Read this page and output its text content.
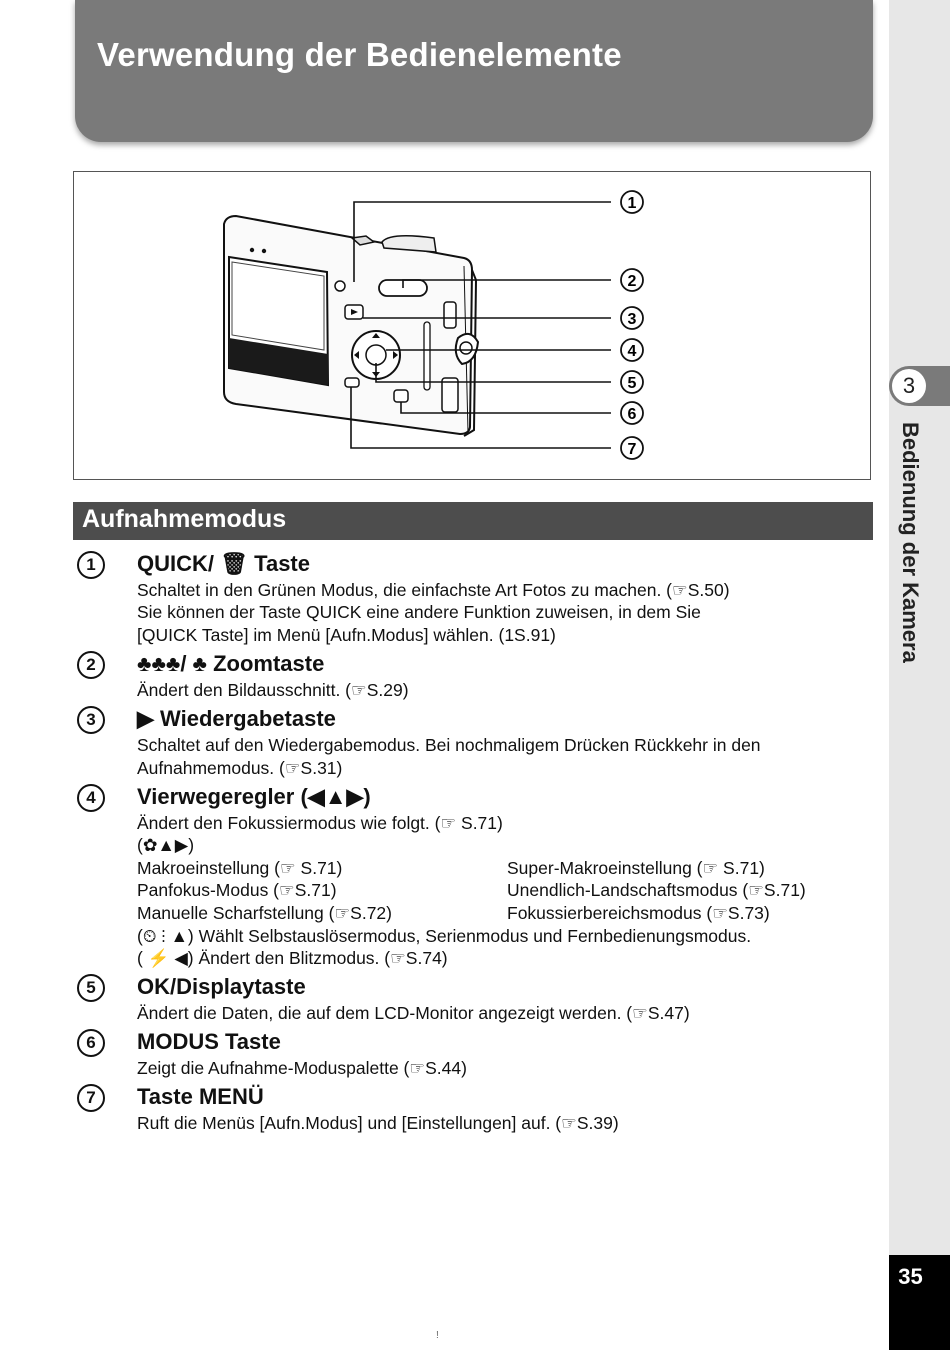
Verwendung der Bedienelemente
3
Bedienung der Kamera
35
1
2
3
4
5
6
7
Aufnahmemodus
1	QUICK/ 🗑 Taste
Schaltet in den Grünen Modus, die einfachste Art Fotos zu machen. (☞S.50)
Sie können der Taste QUICK eine andere Funktion zuweisen, in dem Sie
[QUICK Taste] im Menü [Aufn.Modus] wählen. (1S.91)
2	♣♣♣/ ♣ Zoomtaste
Ändert den Bildausschnitt. (☞S.29)
3	▶ Wiedergabetaste
Schaltet auf den Wiedergabemodus. Bei nochmaligem Drücken Rückkehr in den
Aufnahmemodus. (☞S.31)
4	Vierwegeregler (◀▲▶)
Ändert den Fokussiermodus wie folgt. (☞ S.71)
(✿▲▶)
Makroeinstellung (☞ S.71)	Super-Makroeinstellung (☞ S.71)
Panfokus-Modus (☞S.71)	Unendlich-Landschaftsmodus (☞S.71)
Manuelle Scharfstellung (☞S.72)	Fokussierbereichsmodus (☞S.73)
(⏲ ⫶ ▲) Wählt Selbstauslösermodus, Serienmodus und Fernbedienungsmodus.
( ⚡ ◀) Ändert den Blitzmodus. (☞S.74)
5	OK/Displaytaste
Ändert die Daten, die auf dem LCD-Monitor angezeigt werden. (☞S.47)
6	MODUS Taste
Zeigt die Aufnahme-Moduspalette (☞S.44)
7	Taste MENÜ
Ruft die Menüs [Aufn.Modus] und [Einstellungen] auf. (☞S.39)
!
